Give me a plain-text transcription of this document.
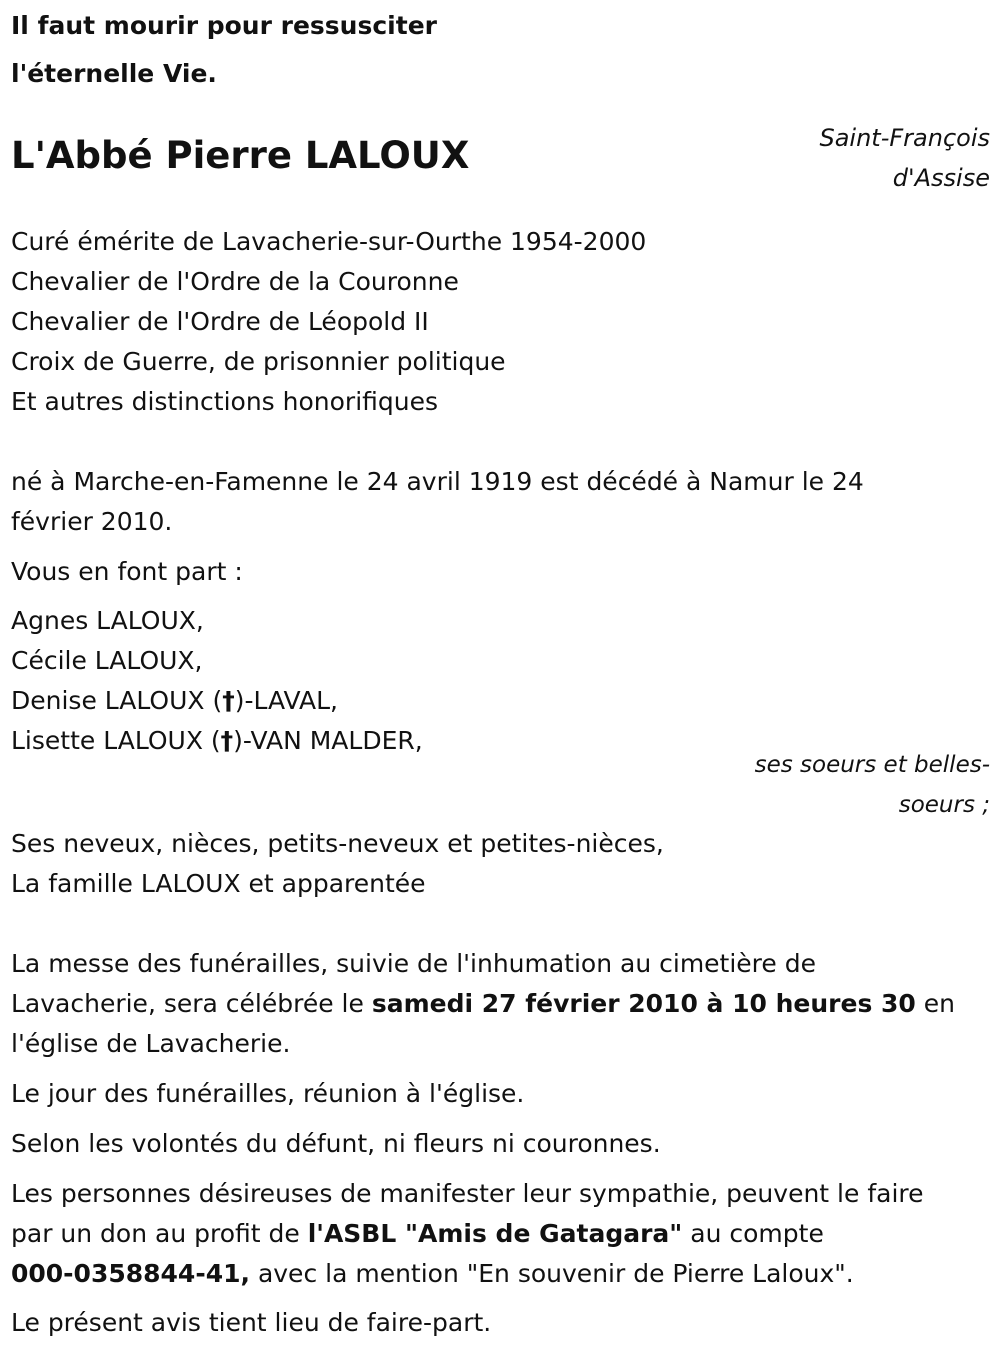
Il faut mourir pour ressusciter
l'éternelle Vie.
L'Abbé Pierre LALOUX	Saint-François
d'Assise
Curé émérite de Lavacherie-sur-Ourthe 1954-2000
Chevalier de l'Ordre de la Couronne
Chevalier de l'Ordre de Léopold II
Croix de Guerre, de prisonnier politique
Et autres distinctions honorifiques
né à Marche-en-Famenne le 24 avril 1919 est décédé à Namur le 24
février 2010.
Vous en font part :
Agnes LALOUX,
Cécile LALOUX,
Denise LALOUX (†)-LAVAL,
Lisette LALOUX (†)-VAN MALDER,
ses soeurs et belles-
soeurs ;
Ses neveux, nièces, petits-neveux et petites-nièces,
La famille LALOUX et apparentée
La messe des funérailles, suivie de l'inhumation au cimetière de
Lavacherie, sera célébrée le samedi 27 février 2010 à 10 heures 30 en
l'église de Lavacherie.
Le jour des funérailles, réunion à l'église.
Selon les volontés du défunt, ni fleurs ni couronnes.
Les personnes désireuses de manifester leur sympathie, peuvent le faire
par un don au profit de l'ASBL "Amis de Gatagara" au compte
000-0358844-41, avec la mention "En souvenir de Pierre Laloux".
Le présent avis tient lieu de faire-part.
